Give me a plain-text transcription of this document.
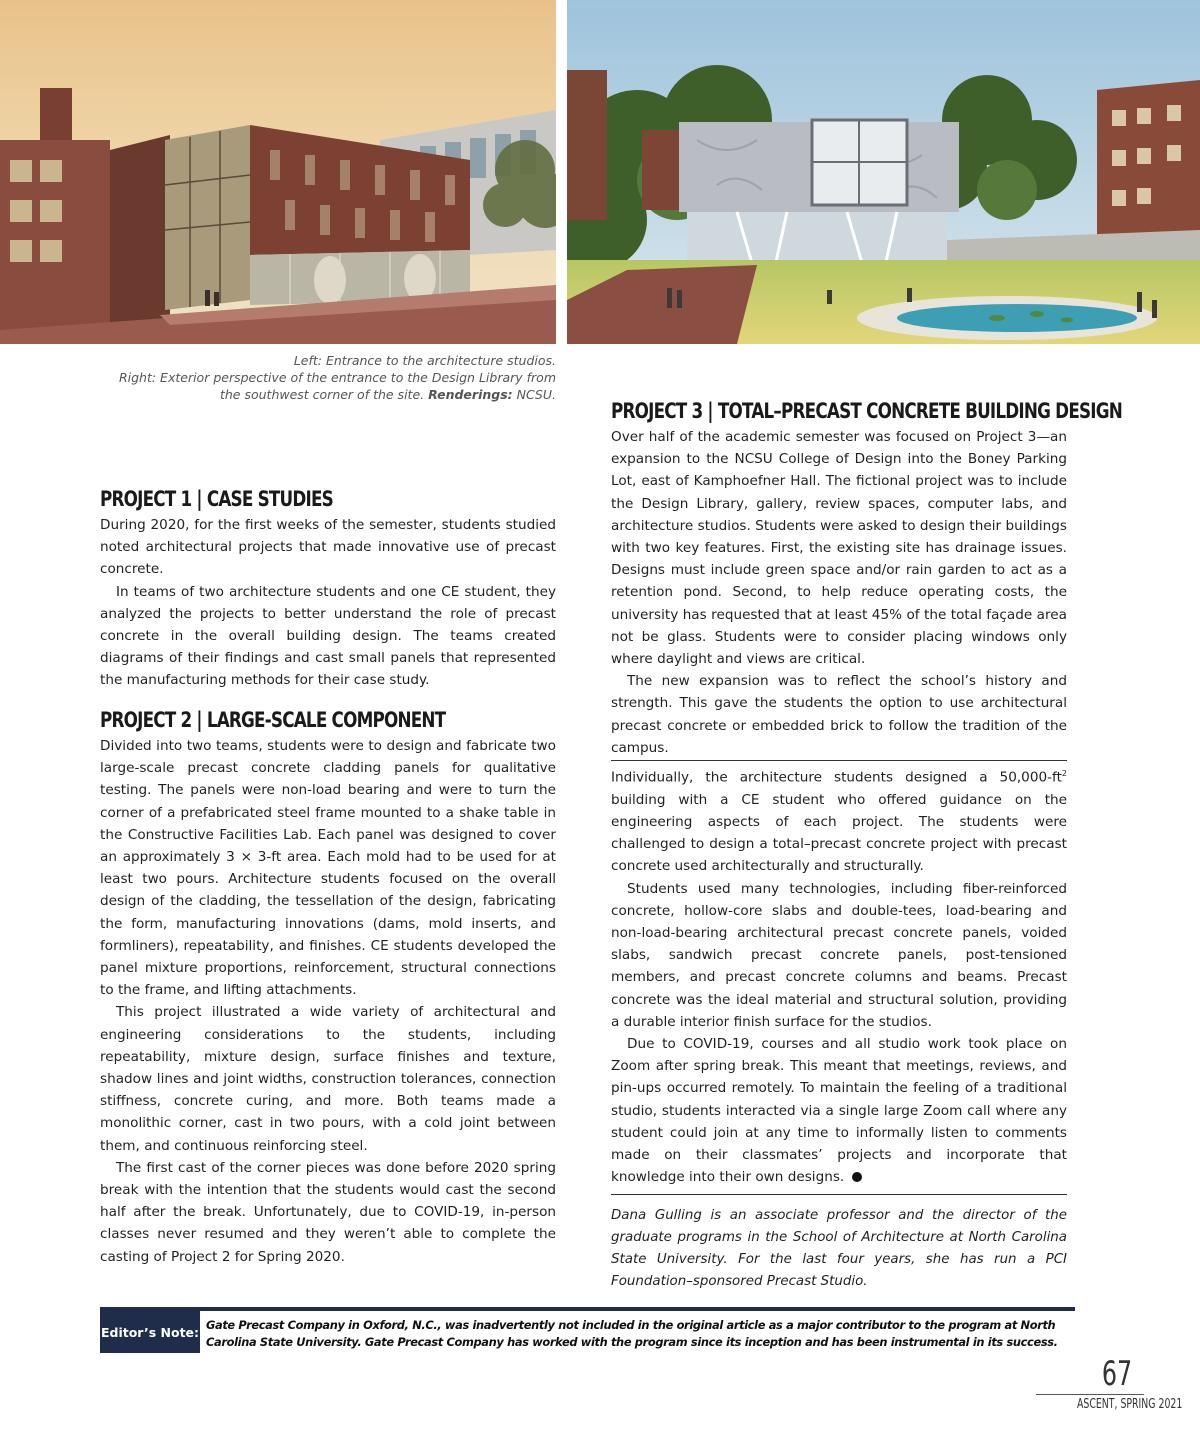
Left: Entrance to the architecture studios.
Right: Exterior perspective of the entrance to the Design Library from the southwest corner of the site. Renderings: NCSU.
PROJECT 1 | CASE STUDIES

During 2020, for the first weeks of the semester, students studied noted architectural projects that made innovative use of precast concrete.

In teams of two architecture students and one CE student, they analyzed the projects to better understand the role of precast concrete in the overall building design. The teams created diagrams of their findings and cast small panels that represented the manufacturing methods for their case study.

PROJECT 2 | LARGE-SCALE COMPONENT

Divided into two teams, students were to design and fabricate two large-scale precast concrete cladding panels for qualitative testing. The panels were non-load bearing and were to turn the corner of a prefabricated steel frame mounted to a shake table in the Constructive Facilities Lab. Each panel was designed to cover an approximately 3 × 3-ft area. Each mold had to be used for at least two pours. Architecture students focused on the overall design of the cladding, the tessellation of the design, fabricating the form, manufacturing innovations (dams, mold inserts, and formliners), repeatability, and finishes. CE students developed the panel mixture proportions, reinforcement, structural connections to the frame, and lifting attachments.

This project illustrated a wide variety of architectural and engineering considerations to the students, including repeatability, mixture design, surface finishes and texture, shadow lines and joint widths, construction tolerances, connection stiffness, concrete curing, and more. Both teams made a monolithic corner, cast in two pours, with a cold joint between them, and continuous reinforcing steel.

The first cast of the corner pieces was done before 2020 spring break with the intention that the students would cast the second half after the break. Unfortunately, due to COVID-19, in-person classes never resumed and they weren’t able to complete the casting of Project 2 for Spring 2020.

PROJECT 3 | TOTAL–PRECAST CONCRETE BUILDING DESIGN

Over half of the academic semester was focused on Project 3—an expansion to the NCSU College of Design into the Boney Parking Lot, east of Kamphoefner Hall. The fictional project was to include the Design Library, gallery, review spaces, computer labs, and architecture studios. Students were asked to design their buildings with two key features. First, the existing site has drainage issues. Designs must include green space and/or rain garden to act as a retention pond. Second, to help reduce operating costs, the university has requested that at least 45% of the total façade area not be glass. Students were to consider placing windows only where daylight and views are critical.

The new expansion was to reflect the school’s history and strength. This gave the students the option to use architectural precast concrete or embedded brick to follow the tradition of the campus.

Individually, the architecture students designed a $50,000-ft^2$ building with a CE student who offered guidance on the engineering aspects of each project. The students were challenged to design a total–precast concrete project with precast concrete used architecturally and structurally.

Students used many technologies, including fiber-reinforced concrete, hollow-core slabs and double-tees, load-bearing and non-load-bearing architectural precast concrete panels, voided slabs, sandwich precast concrete panels, post-tensioned members, and precast concrete columns and beams. Precast concrete was the ideal material and structural solution, providing a durable interior finish surface for the studios.

Due to COVID-19, courses and all studio work took place on Zoom after spring break. This meant that meetings, reviews, and pin-ups occurred remotely. To maintain the feeling of a traditional studio, students interacted via a single large Zoom call where any student could join at any time to informally listen to comments made on their classmates’ projects and incorporate that knowledge into their own designs.

Dana Gulling is an associate professor and the director of the graduate programs in the School of Architecture at North Carolina State University. For the last four years, she has run a PCI Foundation–sponsored Precast Studio.

Editor’s Note: Gate Precast Company in Oxford, N.C., was inadvertently not included in the original article as a major contributor to the program at North Carolina State University. Gate Precast Company has worked with the program since its inception and has been instrumental in its success.
67
ASCENT, SPRING 2021
